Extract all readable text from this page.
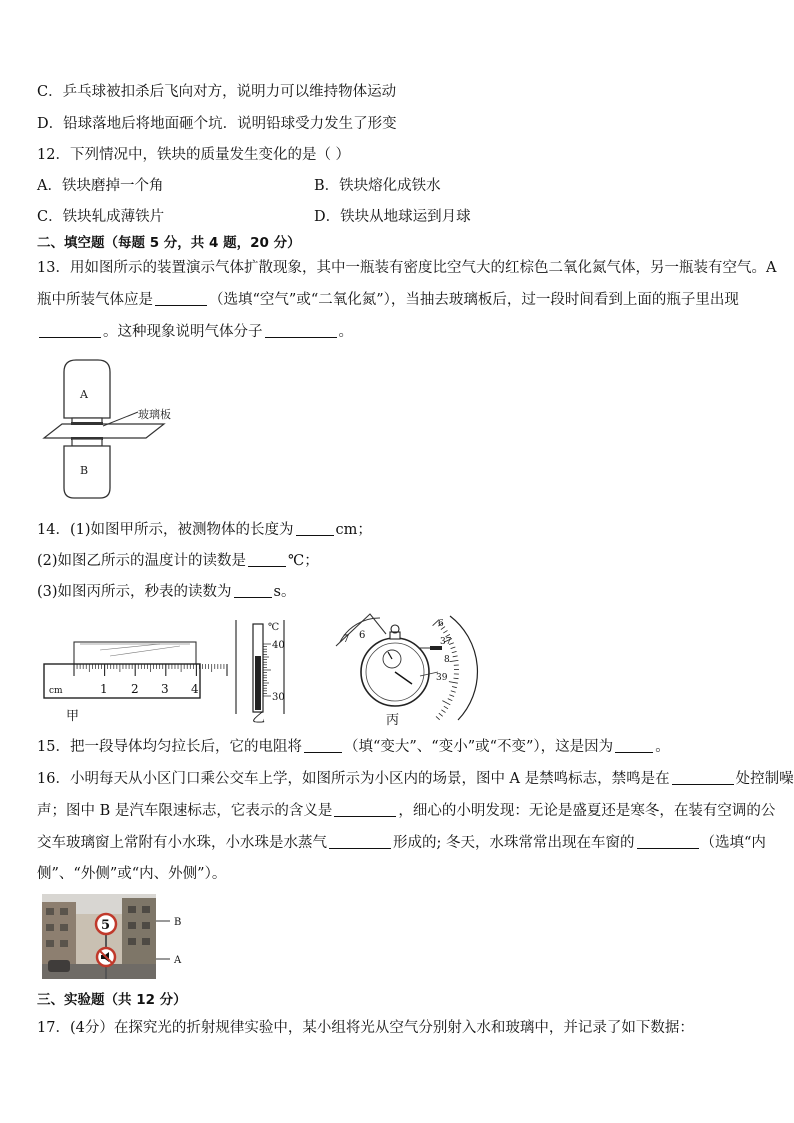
C．乒乓球被扣杀后飞向对方，说明力可以维持物体运动
D．铅球落地后将地面砸个坑．说明铅球受力发生了形变
12．下列情况中，铁块的质量发生变化的是（ ）
A．铁块磨掉一个角	B．铁块熔化成铁水
C．铁块轧成薄铁片	D．铁块从地球运到月球
二、填空题（每题 5 分，共 4 题，20 分）
13．用如图所示的装置演示气体扩散现象，其中一瓶装有密度比空气大的红棕色二氧化氮气体，另一瓶装有空气。A
瓶中所装气体应是	（选填“空气”或“二氧化氮”），当抽去玻璃板后，过一段时间看到上面的瓶子里出现
。这种现象说明气体分子	。
玻璃板
A
B
14．(1)如图甲所示，被测物体的长度为	cm；
(2)如图乙所示的温度计的读数是	℃；
(3)如图丙所示，秒表的读数为	s。
cm	1 2 3 4
甲
℃
40
30
乙
7 6
6
37
8
39
丙
15．把一段导体均匀拉长后，它的电阻将	（填“变大”、“变小”或“不变”），这是因为	。
16．小明每天从小区门口乘公交车上学，如图所示为小区内的场景，图中 A 是禁鸣标志，禁鸣是在	处控制噪
声；图中 B 是汽车限速标志，它表示的含义是	，细心的小明发现：无论是盛夏还是寒冬，在装有空调的公
交车玻璃窗上常附有小水珠，小水珠是水蒸气	形成的; 冬天，水珠常常出现在车窗的	（选填“内
侧”、“外侧”或“内、外侧”）。
5	B
A
三、实验题（共 12 分）
17．(4分）在探究光的折射规律实验中，某小组将光从空气分别射入水和玻璃中，并记录了如下数据：
